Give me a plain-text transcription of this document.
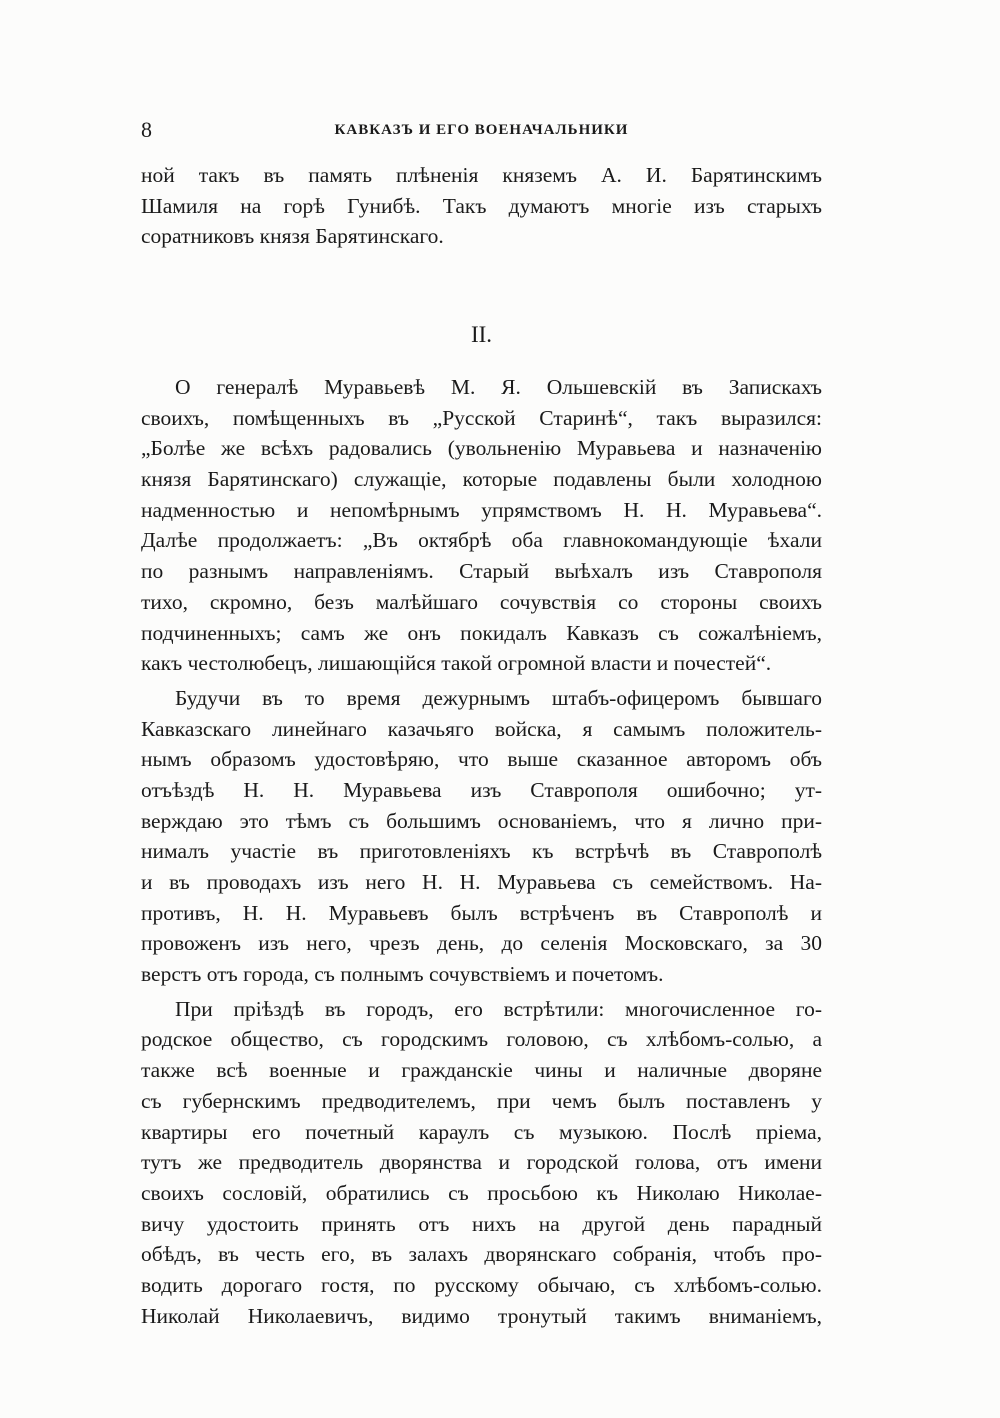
8	КАВКАЗЪ И ЕГО ВОЕНАЧАЛЬНИКИ
ной такъ въ память плѣненія княземъ А. И. Барятинскимъ
Шамиля на горѣ Гунибѣ. Такъ думаютъ многіе изъ старыхъ
соратниковъ князя Барятинскаго.
II.
О генералѣ Муравьевѣ М. Я. Ольшевскій въ Запискахъ
своихъ, помѣщенныхъ въ „Русской Старинѣ“, такъ выразился:
„Болѣе же всѣхъ радовались (увольненію Муравьева и назначенію
князя Барятинскаго) служащіе, которые подавлены были холодною
надменностью и непомѣрнымъ упрямствомъ Н. Н. Муравьева“.
Далѣе продолжаетъ: „Въ октябрѣ оба главнокомандующіе ѣхали
по разнымъ направленіямъ. Старый выѣхалъ изъ Ставрополя
тихо, скромно, безъ малѣйшаго сочувствія со стороны своихъ
подчиненныхъ; самъ же онъ покидалъ Кавказъ съ сожалѣніемъ,
какъ честолюбецъ, лишающійся такой огромной власти и почестей“.
Будучи въ то время дежурнымъ штабъ-офицеромъ бывшаго
Кавказскаго линейнаго казачьяго войска, я самымъ положитель-
нымъ образомъ удостовѣряю, что выше сказанное авторомъ объ
отъѣздѣ Н. Н. Муравьева изъ Ставрополя ошибочно; ут-
верждаю это тѣмъ съ большимъ основаніемъ, что я лично при-
нималъ участіе въ приготовленіяхъ къ встрѣчѣ въ Ставрополѣ
и въ проводахъ изъ него Н. Н. Муравьева съ семействомъ. На-
противъ, Н. Н. Муравьевъ былъ встрѣченъ въ Ставрополѣ и
провоженъ изъ него, чрезъ день, до селенія Московскаго, за 30
верстъ отъ города, съ полнымъ сочувствіемъ и почетомъ.
При пріѣздѣ въ городъ, его встрѣтили: многочисленное го-
родское общество, съ городскимъ головою, съ хлѣбомъ-солью, а
также всѣ военные и гражданскіе чины и наличные дворяне
съ губернскимъ предводителемъ, при чемъ былъ поставленъ у
квартиры его почетный караулъ съ музыкою. Послѣ пріема,
тутъ же предводитель дворянства и городской голова, отъ имени
своихъ сословій, обратились съ просьбою къ Николаю Николае-
вичу удостоить принять отъ нихъ на другой день парадный
обѣдъ, въ честь его, въ залахъ дворянскаго собранія, чтобъ про-
водить дорогаго гостя, по русскому обычаю, съ хлѣбомъ-солью.
Николай Николаевичъ, видимо тронутый такимъ вниманіемъ,
